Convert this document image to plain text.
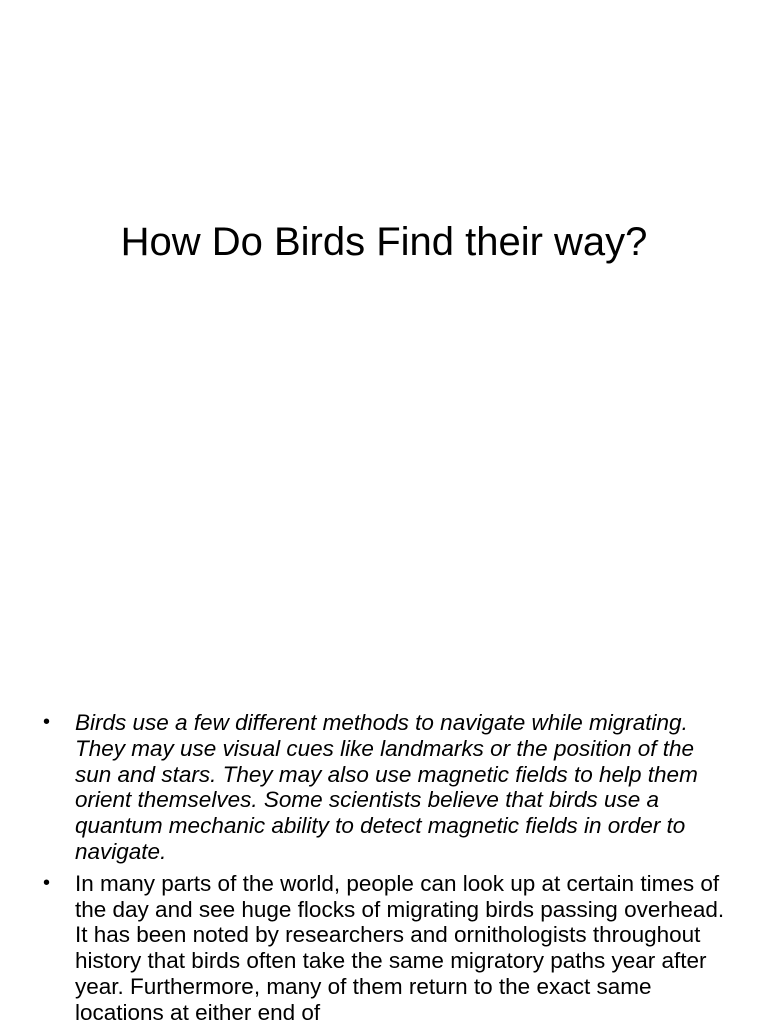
How Do Birds Find their way?
• Birds use a few different methods to navigate while migrating. They may use visual cues like landmarks or the position of the sun and stars. They may also use magnetic fields to help them orient themselves. Some scientists believe that birds use a quantum mechanic ability to detect magnetic fields in order to navigate.
• In many parts of the world, people can look up at certain times of the day and see huge flocks of migrating birds passing overhead. It has been noted by researchers and ornithologists throughout history that birds often take the same migratory paths year after year. Furthermore, many of them return to the exact same locations at either end of
